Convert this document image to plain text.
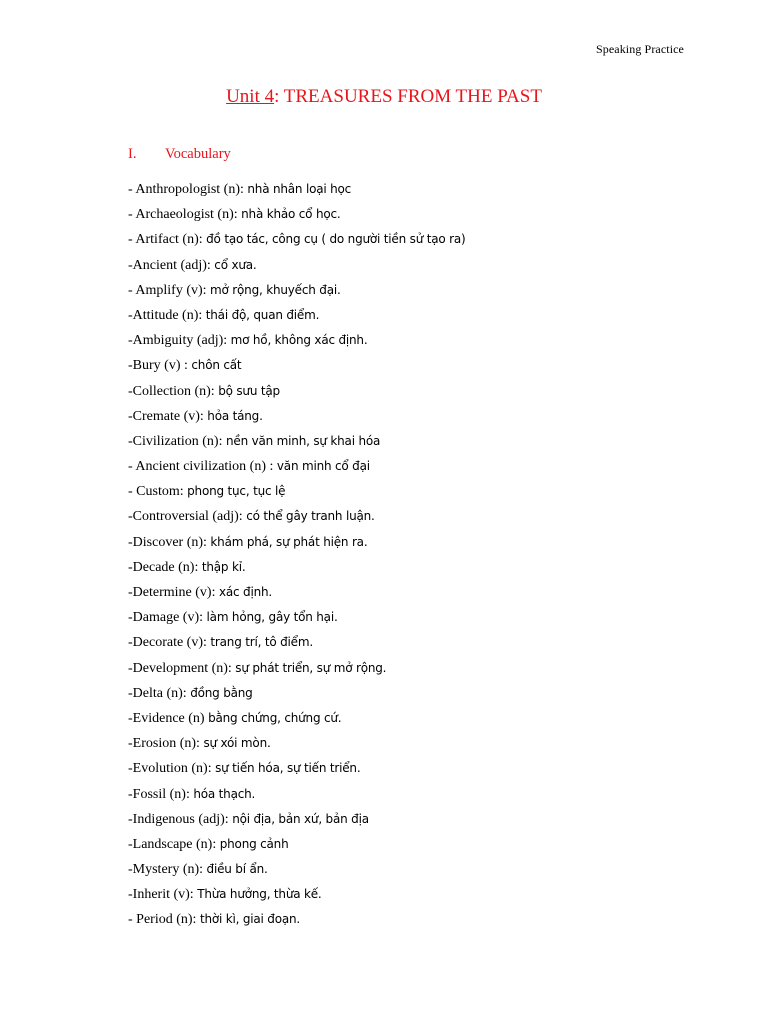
Speaking Practice
Unit 4: TREASURES FROM THE PAST
I. Vocabulary
- Anthropologist (n): nhà nhân loại học
- Archaeologist (n): nhà khảo cổ học.
- Artifact (n): đồ tạo tác, công cụ ( do người tiền sử tạo ra)
-Ancient (adj): cổ xưa.
- Amplify (v): mở rộng, khuyếch đại.
-Attitude (n): thái độ, quan điểm.
-Ambiguity (adj): mơ hồ, không xác định.
-Bury (v) : chôn cất
-Collection (n): bộ sưu tập
-Cremate (v): hỏa táng.
-Civilization (n): nền văn minh, sự khai hóa
- Ancient civilization (n) : văn minh cổ đại
- Custom: phong tục, tục lệ
-Controversial (adj): có thể gây tranh luận.
-Discover (n): khám phá, sự phát hiện ra.
-Decade (n): thập kỉ.
-Determine (v): xác định.
-Damage (v): làm hỏng, gây tổn hại.
-Decorate (v): trang trí, tô điểm.
-Development (n): sự phát triển, sự mở rộng.
-Delta (n): đồng bằng
-Evidence (n) bằng chứng, chứng cứ.
-Erosion (n): sự xói mòn.
-Evolution (n): sự tiến hóa, sự tiến triển.
-Fossil (n): hóa thạch.
-Indigenous (adj): nội địa, bản xứ, bản địa
-Landscape (n): phong cảnh
-Mystery (n): điều bí ẩn.
-Inherit (v): Thừa hưởng, thừa kế.
- Period (n): thời kì, giai đoạn.
